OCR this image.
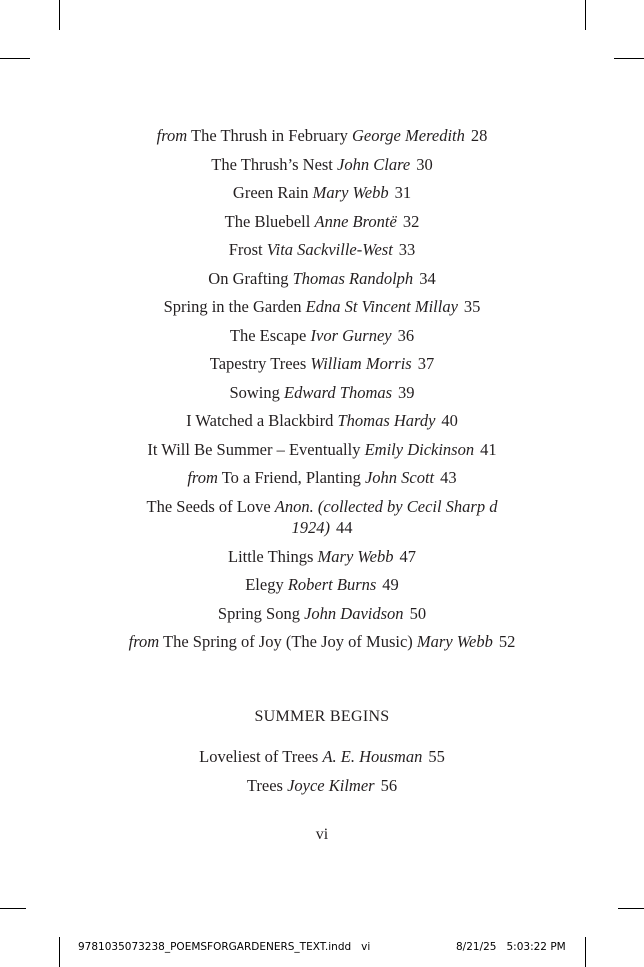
from The Thrush in February George Meredith 28
The Thrush’s Nest John Clare 30
Green Rain Mary Webb 31
The Bluebell Anne Brontë 32
Frost Vita Sackville-West 33
On Grafting Thomas Randolph 34
Spring in the Garden Edna St Vincent Millay 35
The Escape Ivor Gurney 36
Tapestry Trees William Morris 37
Sowing Edward Thomas 39
I Watched a Blackbird Thomas Hardy 40
It Will Be Summer – Eventually Emily Dickinson 41
from To a Friend, Planting John Scott 43
The Seeds of Love Anon. (collected by Cecil Sharp d 1924) 44
Little Things Mary Webb 47
Elegy Robert Burns 49
Spring Song John Davidson 50
from The Spring of Joy (The Joy of Music) Mary Webb 52
SUMMER BEGINS
Loveliest of Trees A. E. Housman 55
Trees Joyce Kilmer 56
vi
9781035073238_POEMSFORGARDENERS_TEXT.indd vi	8/21/25 5:03:22 PM
